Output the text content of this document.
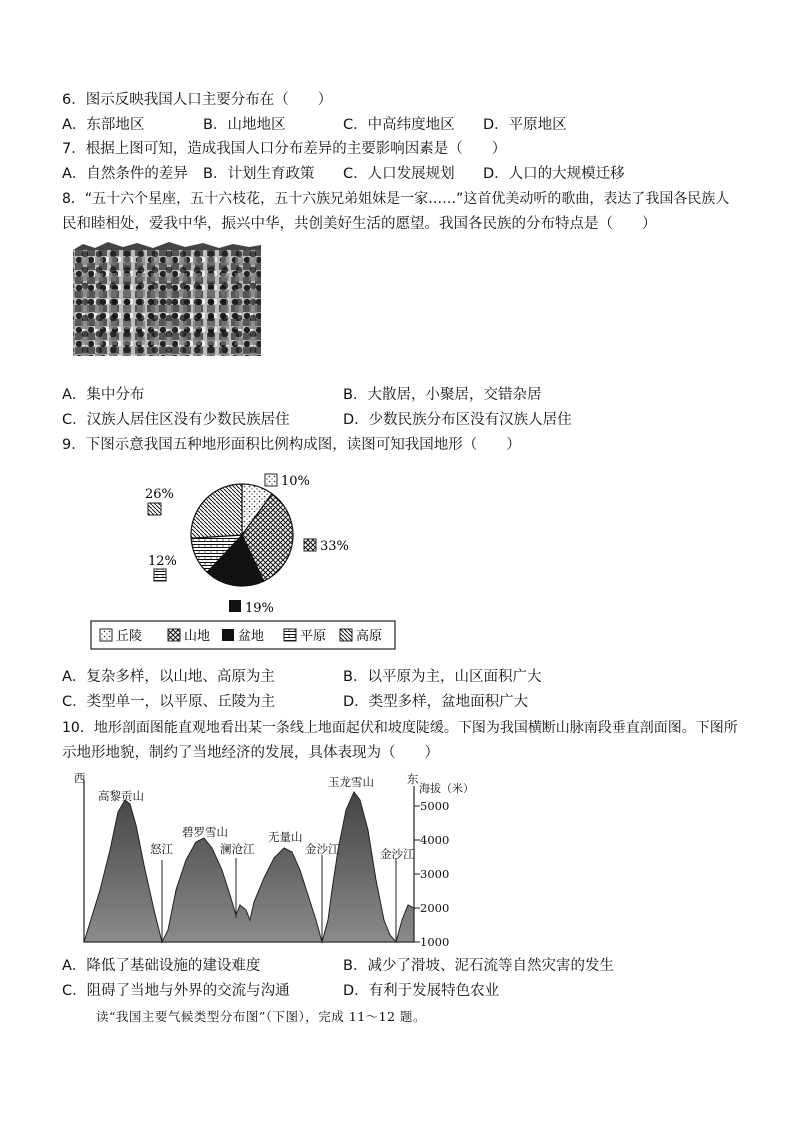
6．图示反映我国人口主要分布在（　　）
A．东部地区	B．山地地区	C．中高纬度地区 D．平原地区
7．根据上图可知，造成我国人口分布差异的主要影响因素是（　　）
A．自然条件的差异 B．计划生育政策 C．人口发展规划 D．人口的大规模迁移
8．“五十六个星座，五十六枝花，五十六族兄弟姐妹是一家……”这首优美动听的歌曲，表达了我国各民族人
民和睦相处，爱我中华，振兴中华，共创美好生活的愿望。我国各民族的分布特点是（　　）
A．集中分布	B．大散居，小聚居，交错杂居
C．汉族人居住区没有少数民族居住	D．少数民族分布区没有汉族人居住
9．下图示意我国五种地形面积比例构成图，读图可知我国地形（　　）
10%
33%
19%
12%
26%
丘陵	山地 盆地	平原 高原
A．复杂多样，以山地、高原为主	B．以平原为主，山区面积广大
C．类型单一，以平原、丘陵为主	D．类型多样，盆地面积广大
10．地形剖面图能直观地看出某一条线上地面起伏和坡度陡缓。下图为我国横断山脉南段垂直剖面图。下图所
示地形地貌，制约了当地经济的发展，具体表现为（　　）
西	东
海拔（米）
5000
4000
3000
2000
1000
高黎贡山
碧罗雪山	无量山
玉龙雪山
怒江	澜沧江	金沙江	金沙江
A．降低了基础设施的建设难度	B．减少了滑坡、泥石流等自然灾害的发生
C．阻碍了当地与外界的交流与沟通	D．有利于发展特色农业
读“我国主要气候类型分布图”（下图），完成 11～12 题。
